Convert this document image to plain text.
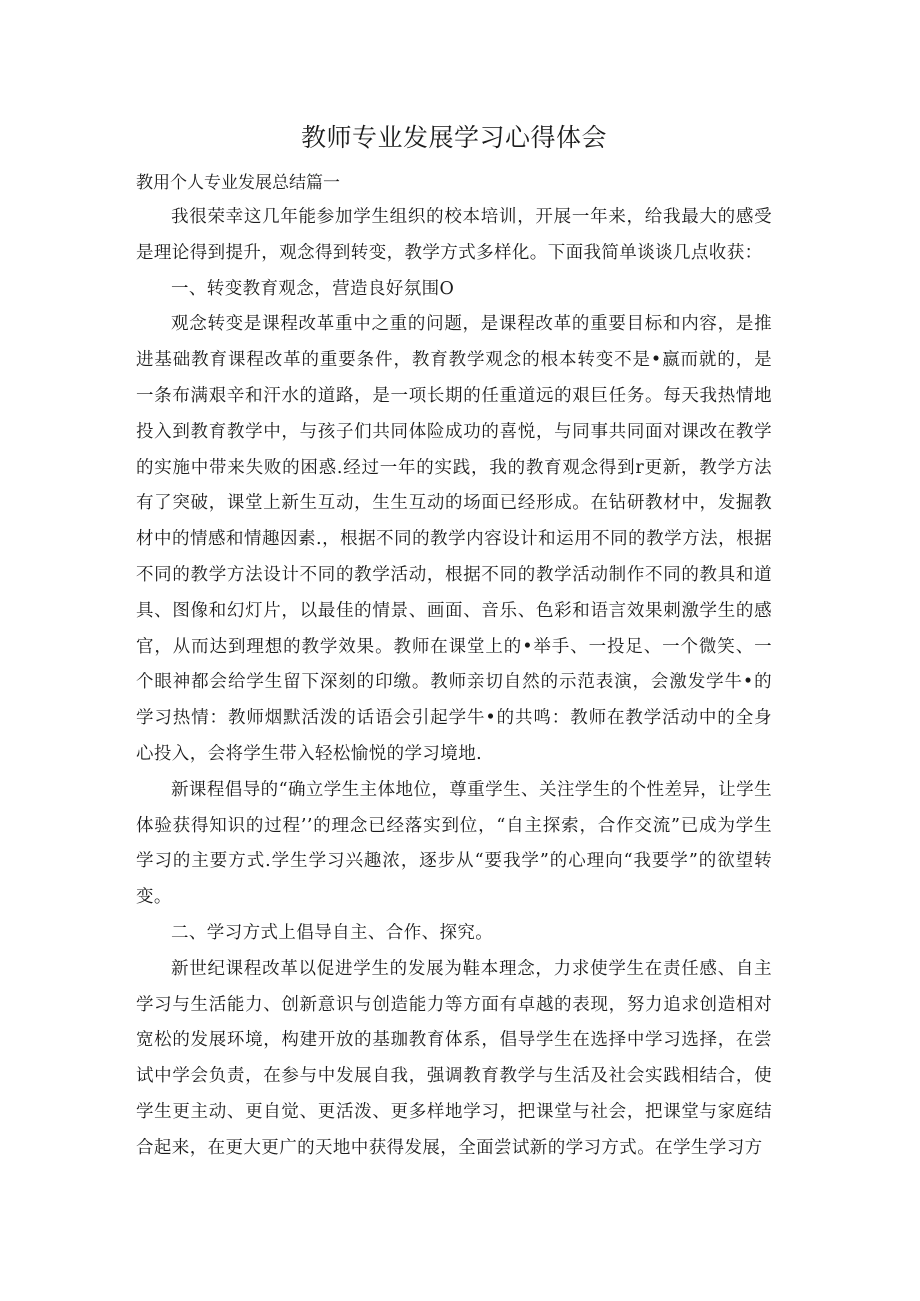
教师专业发展学习心得体会

教用个人专业发展总结篇一

我很荣幸这几年能参加学生组织的校本培训，开展一年来，给我最大的感受是理论得到提升，观念得到转变，教学方式多样化。下面我简单谈谈几点收获：

一、转变教育观念，营造良好氛围O

观念转变是课程改革重中之重的问题，是课程改革的重要目标和内容，是推进基础教育课程改革的重要条件，教育教学观念的根本转变不是•嬴而就的，是一条布满艰辛和汗水的道路，是一项长期的任重道远的艰巨任务。每天我热情地投入到教育教学中，与孩子们共同体险成功的喜悦，与同事共同面对课改在教学的实施中带来失败的困惑.经过一年的实践，我的教育观念得到r更新，教学方法有了突破，课堂上新生互动，生生互动的场面已经形成。在钻研教材中，发掘教材中的情感和情趣因素.，根据不同的教学内容设计和运用不同的教学方法，根据不同的教学方法设计不同的教学活动，根据不同的教学活动制作不同的教具和道具、图像和幻灯片，以最佳的情景、画面、音乐、色彩和语言效果刺激学生的感官，从而达到理想的教学效果。教师在课堂上的•举手、一投足、一个微笑、一个眼神都会给学生留下深刻的印缴。教师亲切自然的示范表演，会激发学牛•的学习热情：教师烟默活泼的话语会引起学牛•的共鸣：教师在教学活动中的全身心投入，会将学生带入轻松愉悦的学习境地.

新课程倡导的“确立学生主体地位，尊重学生、关注学生的个性差异，让学生体验获得知识的过程’’的理念已经落实到位，“自主探索，合作交流”已成为学生学习的主要方式.学生学习兴趣浓，逐步从“要我学”的心理向“我要学”的欲望转变。

二、学习方式上倡导自主、合作、探究。

新世纪课程改革以促进学生的发展为鞋本理念，力求使学生在责任感、自主学习与生活能力、创新意识与创造能力等方面有卓越的表现，努力追求创造相对宽松的发展环境，构建开放的基珈教育体系，倡导学生在选择中学习选择，在尝试中学会负责，在参与中发展自我，强调教育教学与生活及社会实践相结合，使学生更主动、更自觉、更活泼、更多样地学习，把课堂与社会，把课堂与家庭结合起来，在更大更广的天地中获得发展，全面尝试新的学习方式。在学生学习方
